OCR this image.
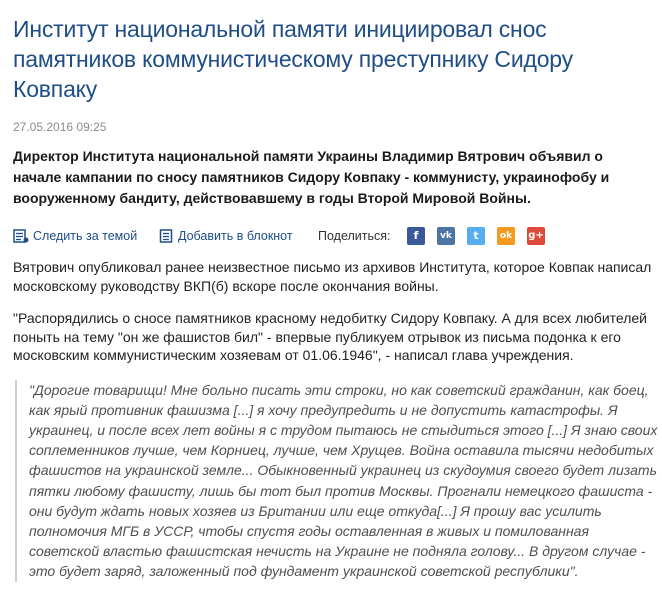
Институт национальной памяти инициировал снос памятников коммунистическому преступнику Сидору Ковпаку
27.05.2016 09:25
Директор Института национальной памяти Украины Владимир Вятрович объявил о начале кампании по сносу памятников Сидору Ковпаку - коммунисту, украинофобу и вооруженному бандиту, действовавшему в годы Второй Мировой Войны.
Следить за темой	Добавить в блокнот Поделиться:	f	vk	t	ok g+

Вятрович опубликовал ранее неизвестное письмо из архивов Института, которое Ковпак написал московскому руководству ВКП(б) вскоре после окончания войны.

"Распорядились о сносе памятников красному недобитку Сидору Ковпаку. А для всех любителей поныть на тему "он же фашистов бил" - впервые публикуем отрывок из письма подонка к его московским коммунистическим хозяевам от 01.06.1946", - написал глава учреждения.

"Дорогие товарищи! Мне больно писать эти строки, но как советский гражданин, как боец, как ярый противник фашизма [...] я хочу предупредить и не допустить катастрофы. Я украинец, и после всех лет войны я с трудом пытаюсь не стыдиться этого [...] Я знаю своих соплеменников лучше, чем Корниец, лучше, чем Хрущев. Война оставила тысячи недобитых фашистов на украинской земле... Обыкновенный украинец из скудоумия своего будет лизать пятки любому фашисту, лишь бы тот был против Москвы. Прогнали немецкого фашиста - они будут ждать новых хозяев из Британии или еще откуда[...] Я прошу вас усилить полномочия МГБ в УССР, чтобы спустя годы оставленная в живых и помилованная советской властью фашистская нечисть на Украине не подняла голову... В другом случае - это будет заряд, заложенный под фундамент украинской советской республики".
